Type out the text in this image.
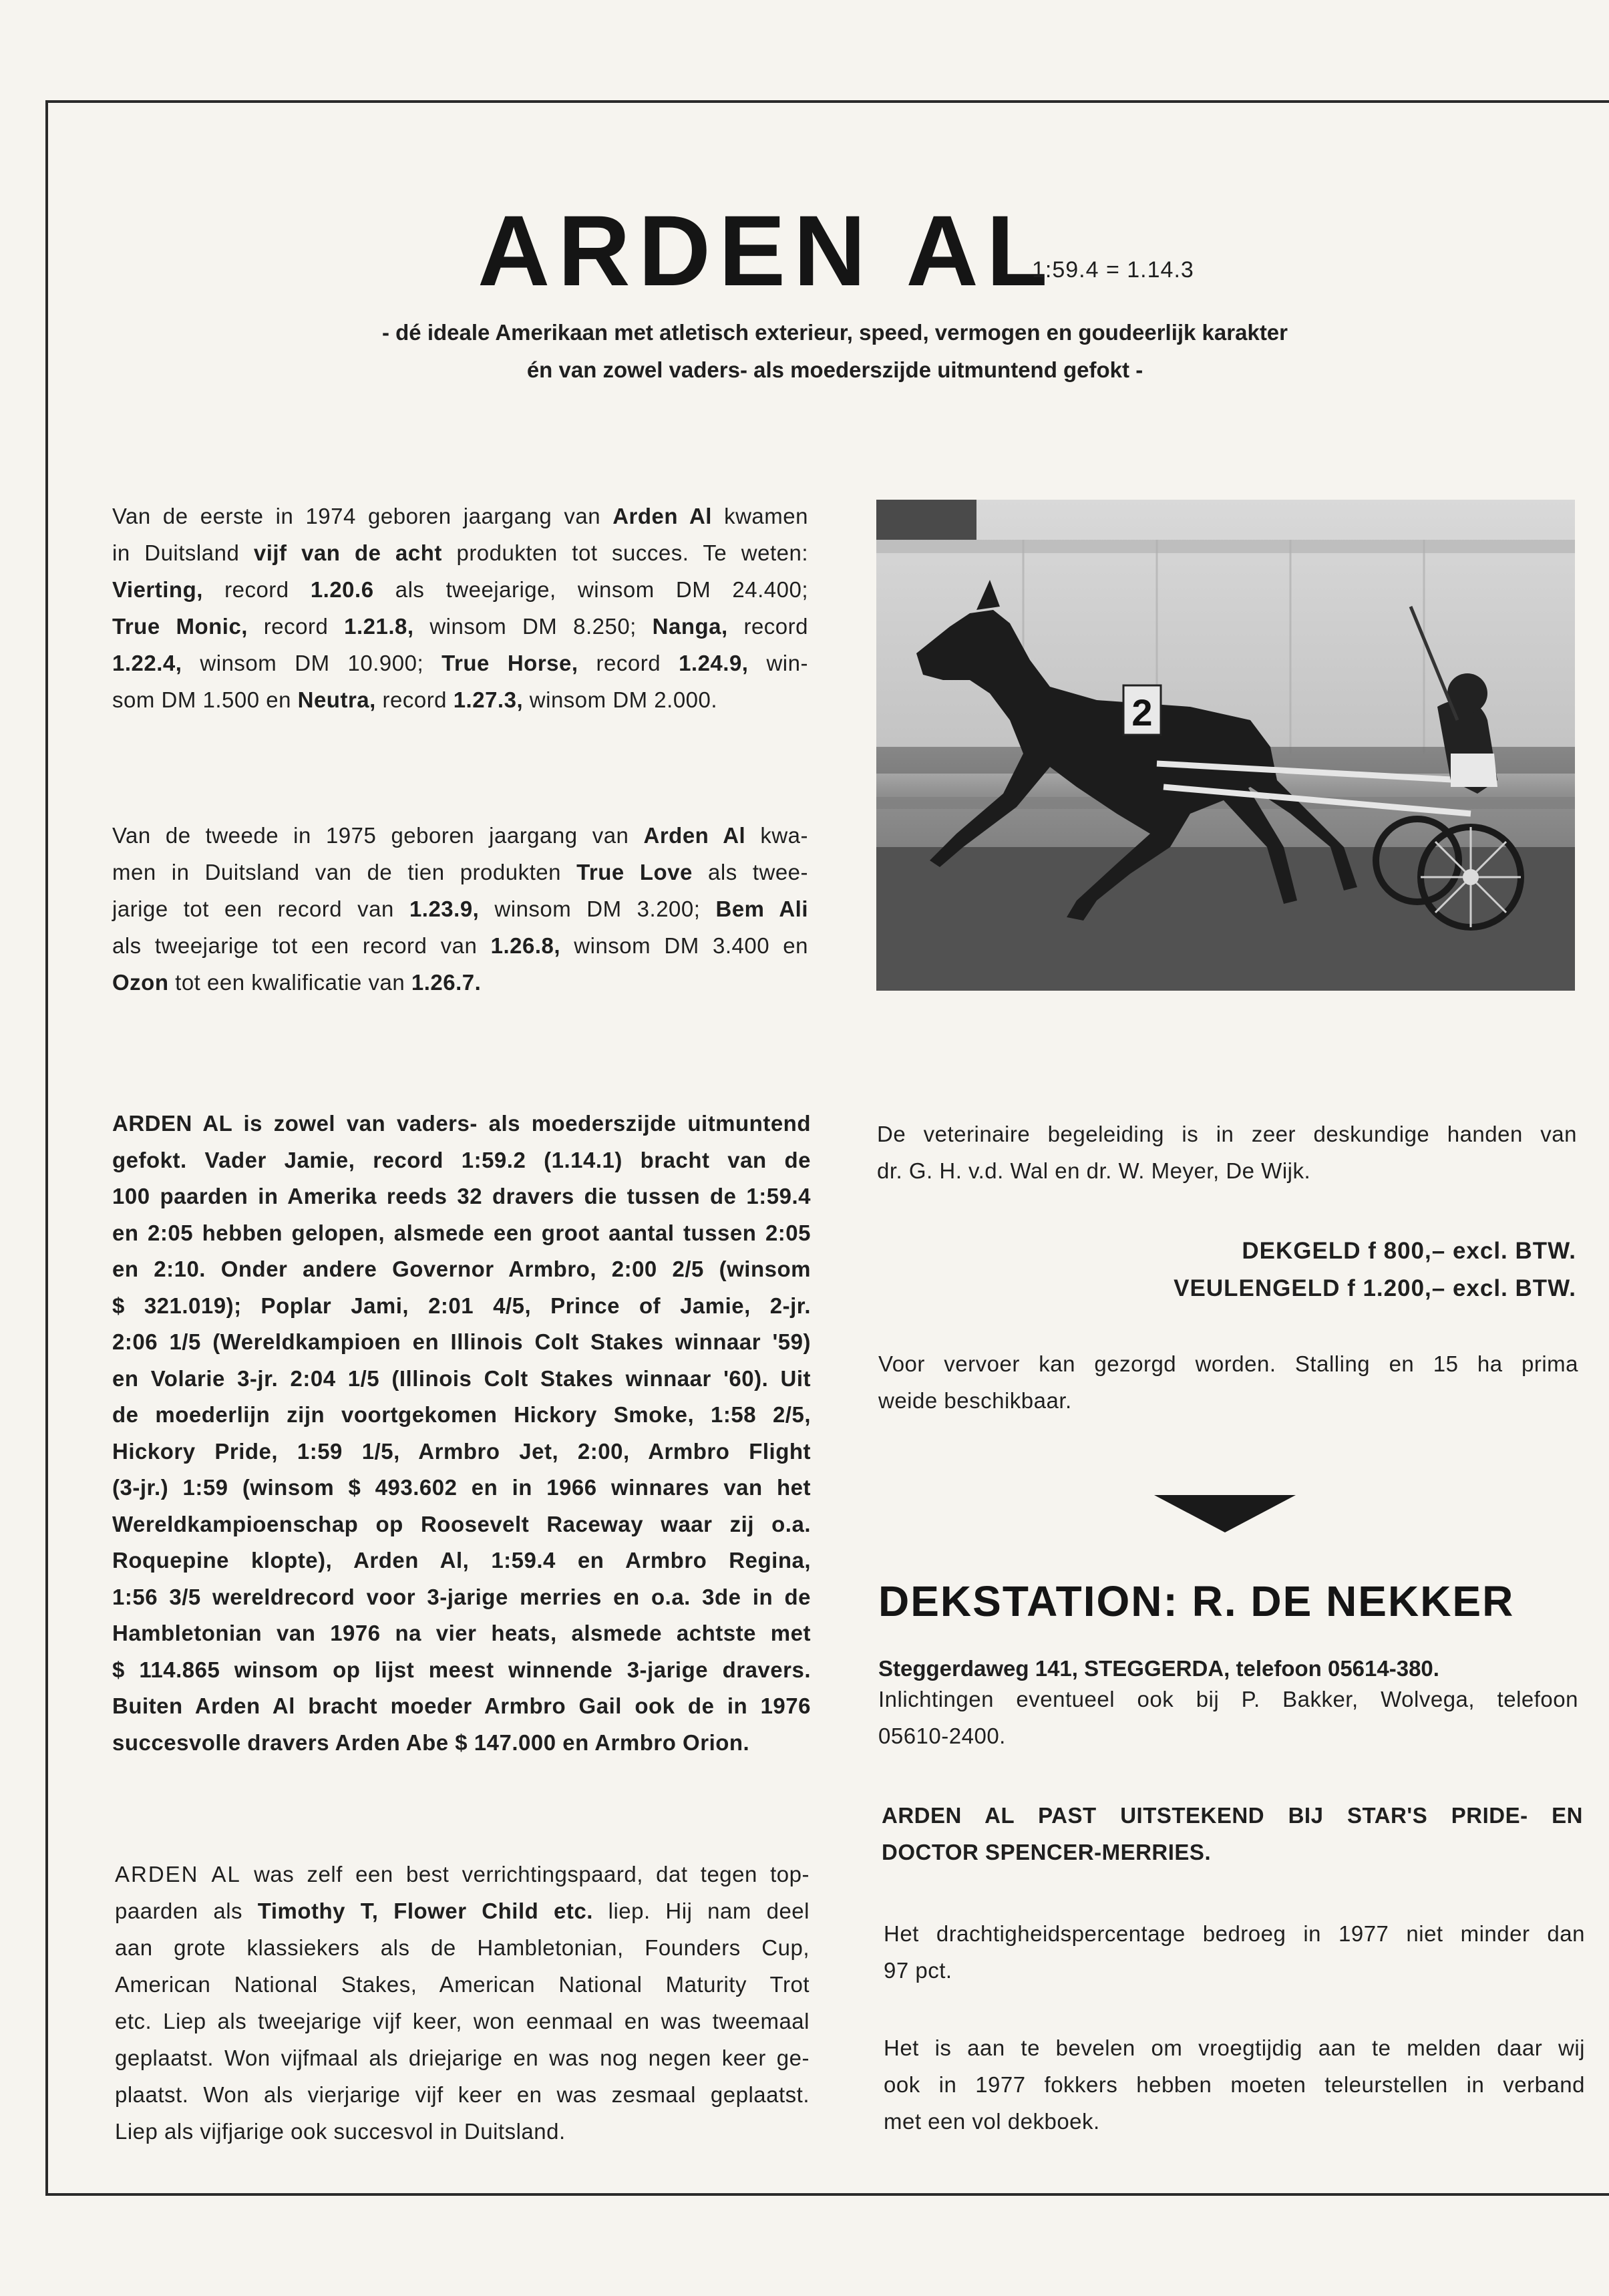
ARDEN AL
1:59.4 = 1.14.3
- dé ideale Amerikaan met atletisch exterieur, speed, vermogen en goudeerlijk karakter
én van zowel vaders- als moederszijde uitmuntend gefokt -
Van de eerste in 1974 geboren jaargang van Arden Al kwamen
in Duitsland vijf van de acht produkten tot succes. Te weten:
Vierting, record 1.20.6 als tweejarige, winsom DM 24.400;
True Monic, record 1.21.8, winsom DM 8.250; Nanga, record
1.22.4, winsom DM 10.900; True Horse, record 1.24.9, win-
som DM 1.500 en Neutra, record 1.27.3, winsom DM 2.000.
Van de tweede in 1975 geboren jaargang van Arden Al kwa-
men in Duitsland van de tien produkten True Love als twee-
jarige tot een record van 1.23.9, winsom DM 3.200; Bem Ali
als tweejarige tot een record van 1.26.8, winsom DM 3.400 en
Ozon tot een kwalificatie van 1.26.7.
ARDEN AL is zowel van vaders- als moederszijde uitmuntend
gefokt. Vader Jamie, record 1:59.2 (1.14.1) bracht van de
100 paarden in Amerika reeds 32 dravers die tussen de 1:59.4
en 2:05 hebben gelopen, alsmede een groot aantal tussen 2:05
en 2:10. Onder andere Governor Armbro, 2:00 2/5 (winsom
$ 321.019); Poplar Jami, 2:01 4/5, Prince of Jamie, 2-jr.
2:06 1/5 (Wereldkampioen en Illinois Colt Stakes winnaar '59)
en Volarie 3-jr. 2:04 1/5 (Illinois Colt Stakes winnaar '60). Uit
de moederlijn zijn voortgekomen Hickory Smoke, 1:58 2/5,
Hickory Pride, 1:59 1/5, Armbro Jet, 2:00, Armbro Flight
(3-jr.) 1:59 (winsom $ 493.602 en in 1966 winnares van het
Wereldkampioenschap op Roosevelt Raceway waar zij o.a.
Roquepine klopte), Arden Al, 1:59.4 en Armbro Regina,
1:56 3/5 wereldrecord voor 3-jarige merries en o.a. 3de in de
Hambletonian van 1976 na vier heats, alsmede achtste met
$ 114.865 winsom op lijst meest winnende 3-jarige dravers.
Buiten Arden Al bracht moeder Armbro Gail ook de in 1976
succesvolle dravers Arden Abe $ 147.000 en Armbro Orion.
ARDEN AL was zelf een best verrichtingspaard, dat tegen top-
paarden als Timothy T, Flower Child etc. liep. Hij nam deel
aan grote klassiekers als de Hambletonian, Founders Cup,
American National Stakes, American National Maturity Trot
etc. Liep als tweejarige vijf keer, won eenmaal en was tweemaal
geplaatst. Won vijfmaal als driejarige en was nog negen keer ge-
plaatst. Won als vierjarige vijf keer en was zesmaal geplaatst.
Liep als vijfjarige ook succesvol in Duitsland.
2
De veterinaire begeleiding is in zeer deskundige handen van
dr. G. H. v.d. Wal en dr. W. Meyer, De Wijk.
DEKGELD f 800,– excl. BTW.
VEULENGELD f 1.200,– excl. BTW.
Voor vervoer kan gezorgd worden. Stalling en 15 ha prima
weide beschikbaar.
DEKSTATION: R. DE NEKKER
Steggerdaweg 141, STEGGERDA, telefoon 05614-380.
Inlichtingen eventueel ook bij P. Bakker, Wolvega, telefoon
05610-2400.
ARDEN AL PAST UITSTEKEND BIJ STAR'S PRIDE- EN
DOCTOR SPENCER-MERRIES.
Het drachtigheidspercentage bedroeg in 1977 niet minder dan
97 pct.
Het is aan te bevelen om vroegtijdig aan te melden daar wij
ook in 1977 fokkers hebben moeten teleurstellen in verband
met een vol dekboek.
